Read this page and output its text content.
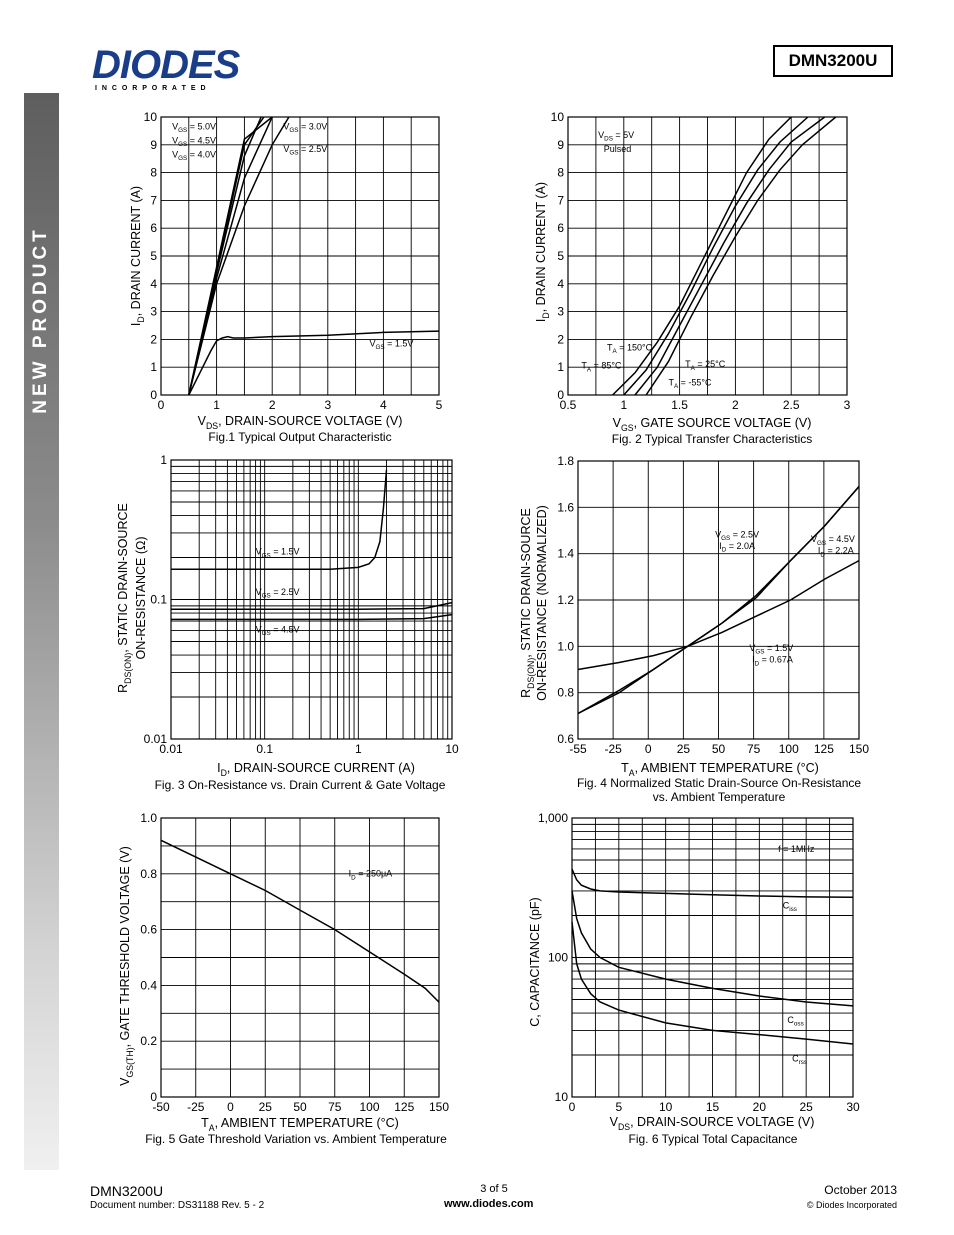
NEW PRODUCT
DIODES
I N C O R P O R A T E D
DMN3200U
0	1	2	3	4	5
0
1
2
3
4
5
6
7
8
9
10
$V_{GS} = 5.0V$
$V_{GS} = 4.5V$
$V_{GS} = 4.0V$
$V_{GS} = 3.0V$
$V_{GS} = 2.5V$
$V_{GS} = 1.5V$
$V_{DS}$, DRAIN-SOURCE VOLTAGE (V)
$I_D$, DRAIN CURRENT (A)
Fig.1 Typical Output Characteristic
0.5	1	1.5	2	2.5	3
0
1
2
3
4
5
6
7
8
9
10
$V_{DS} = 5V$
Pulsed
$T_A = 150^\circ C$
$T_A = 85^\circ C$	$T_A = 25^\circ C$
$T_A = -55^\circ C$
$V_{GS}$, GATE SOURCE VOLTAGE (V)
$I_D$, DRAIN CURRENT (A)
Fig. 2 Typical Transfer Characteristics
0.01	0.1	1	10
0.01
0.1
1
$V_{GS} = 1.5V$
$V_{GS} = 2.5V$
$V_{GS} = 4.5V$
$I_D$, DRAIN-SOURCE CURRENT (A)
$R_{DS(ON)}$, STATIC DRAIN-SOURCE ON-RESISTANCE (Ω)
Fig. 3 On-Resistance vs. Drain Current & Gate Voltage
-55 -25 0 25 50 75 100 125 150
0.6
0.8
1.0
1.2
1.4
1.6
1.8
$V_{GS} = 2.5V$
$I_D = 2.0A$
$V_{GS} = 4.5V$
$I_D = 2.2A$
$V_{GS} = 1.5V$
$I_D = 0.67A$
$T_A$, AMBIENT TEMPERATURE (°C)
$R_{DS(ON)}$, STATIC DRAIN-SOURCE ON-RESISTANCE (NORMALIZED)
Fig. 4 Normalized Static Drain-Source On-Resistance
vs. Ambient Temperature
-50 -25 0 25 50 75 100 125 150
0
0.2
0.4
0.6
0.8
1.0
$I_D = 250\mu A$
$T_A$, AMBIENT TEMPERATURE (°C)
$V_{GS(TH)}$, GATE THRESHOLD VOLTAGE (V)
Fig. 5 Gate Threshold Variation vs. Ambient Temperature
0	5	10	15	20	25	30
10
100
1,000
f = 1MHz
$C_{iss}$
$C_{oss}$
$C_{rss}$
$V_{DS}$, DRAIN-SOURCE VOLTAGE (V)
C, CAPACITANCE (pF)
Fig. 6 Typical Total Capacitance
DMN3200U
Document number: DS31188 Rev. 5 - 2
3 of 5
www.diodes.com
October 2013
© Diodes Incorporated
